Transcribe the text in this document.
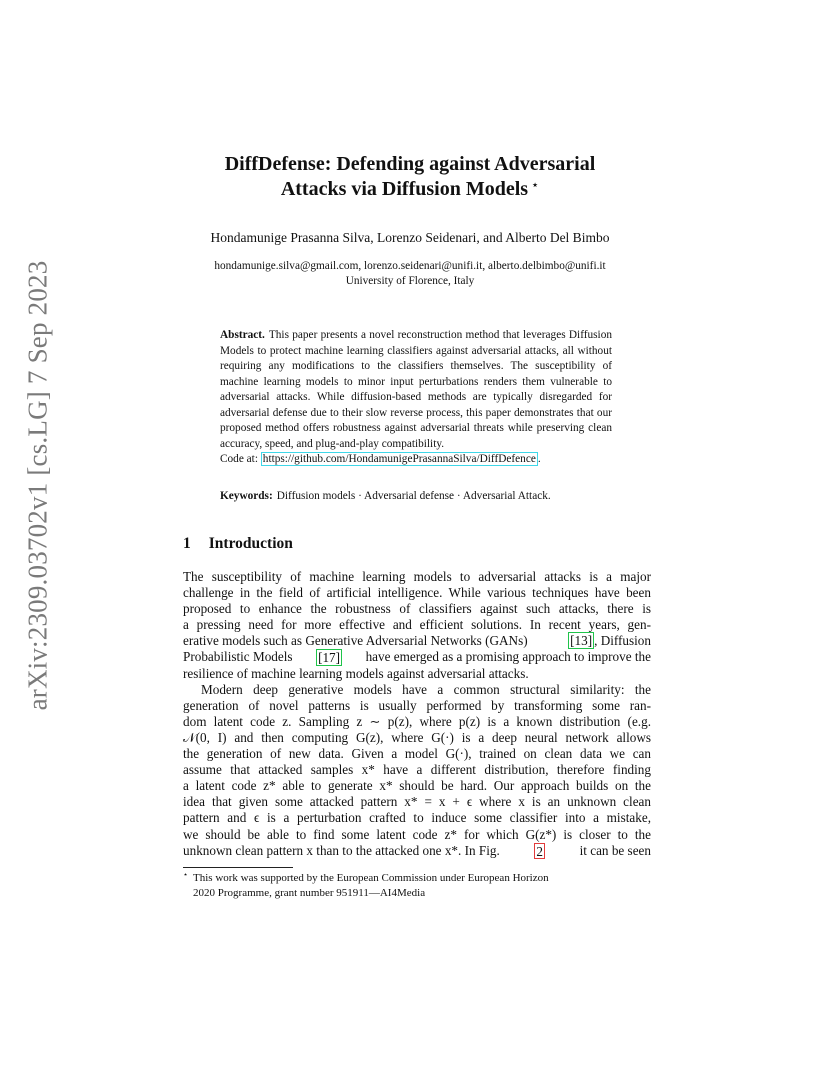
arXiv:2309.03702v1 [cs.LG] 7 Sep 2023
DiffDefense: Defending against Adversarial
Attacks via Diffusion Models ⋆
Hondamunige Prasanna Silva, Lorenzo Seidenari, and Alberto Del Bimbo
hondamunige.silva@gmail.com, lorenzo.seidenari@unifi.it, alberto.delbimbo@unifi.it
University of Florence, Italy
Abstract. This paper presents a novel reconstruction method that leverages Diffusion Models to protect machine learning classifiers against adversarial attacks, all without requiring any modifications to the classifiers themselves. The susceptibility of machine learning models to minor input perturbations renders them vulnerable to adversarial attacks. While diffusion-based methods are typically disregarded for adversarial defense due to their slow reverse process, this paper demonstrates that our proposed method offers robustness against adversarial threats while preserving clean accuracy, speed, and plug-and-play compatibility.
Code at: https://github.com/HondamunigePrasannaSilva/DiffDefence .
Keywords: Diffusion models · Adversarial defense · Adversarial Attack.
1 Introduction
The susceptibility of machine learning models to adversarial attacks is a major
challenge in the field of artificial intelligence. While various techniques have been
proposed to enhance the robustness of classifiers against such attacks, there is
a pressing need for more effective and efficient solutions. In recent years, gen-
erative models such as Generative Adversarial Networks (GANs)	[13] , Diffusion
Probabilistic Models [17] have emerged as a promising approach to improve the
resilience of machine learning models against adversarial attacks.
Modern deep generative models have a common structural similarity: the
generation of novel patterns is usually performed by transforming some ran-
dom latent code z. Sampling z ∼ p(z), where p(z) is a known distribution (e.g.
𝒩(0, I) and then computing G(z), where G(·) is a deep neural network allows
the generation of new data. Given a model G(·), trained on clean data we can
assume that attacked samples x* have a different distribution, therefore finding
a latent code z* able to generate x* should be hard. Our approach builds on the
idea that given some attacked pattern x* = x + ϵ where x is an unknown clean
pattern and ϵ is a perturbation crafted to induce some classifier into a mistake,
we should be able to find some latent code z* for which G(z*) is closer to the
unknown clean pattern x than to the attacked one x*. In Fig.	2	it can be seen
⋆ This work was supported by the European Commission under European Horizon
2020 Programme, grant number 951911—AI4Media
